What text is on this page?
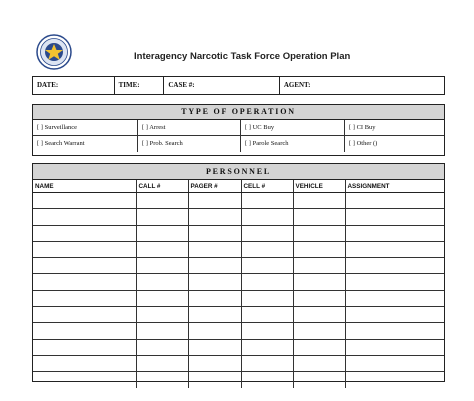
Interagency Narcotic Task Force Operation Plan
DATE:	TIME:	CASE #:	AGENT:
TYPE OF OPERATION
[ ] Surveillance	[ ] Arrest	[ ] UC Buy	[ ] CI Buy
[ ] Search Warrant	[ ] Prob. Search	[ ] Parole Search	[ ] Other ()
PERSONNEL
NAME	CALL #	PAGER #	CELL #	VEHICLE	ASSIGNMENT
